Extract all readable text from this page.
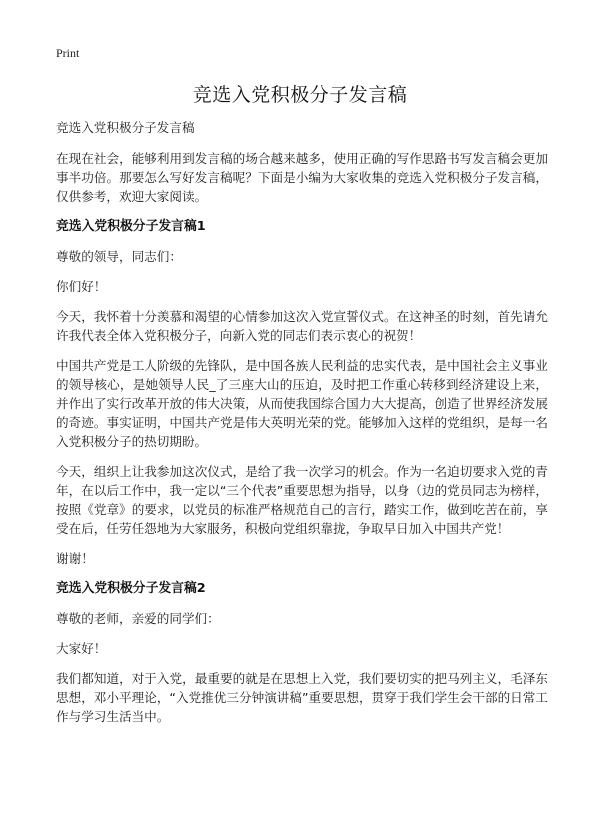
Print
竞选入党积极分子发言稿

竞选入党积极分子发言稿

在现在社会，能够利用到发言稿的场合越来越多，使用正确的写作思路书写发言稿会更加事半功倍。那要怎么写好发言稿呢？下面是小编为大家收集的竞选入党积极分子发言稿，仅供参考，欢迎大家阅读。

竞选入党积极分子发言稿1

尊敬的领导，同志们：

你们好！

今天，我怀着十分羡慕和渴望的心情参加这次入党宣誓仪式。在这神圣的时刻，首先请允许我代表全体入党积极分子，向新入党的同志们表示衷心的祝贺！

中国共产党是工人阶级的先锋队，是中国各族人民利益的忠实代表，是中国社会主义事业的领导核心，是她领导人民_了三座大山的压迫，及时把工作重心转移到经济建设上来，并作出了实行改革开放的伟大决策，从而使我国综合国力大大提高，创造了世界经济发展的奇迹。事实证明，中国共产党是伟大英明光荣的党。能够加入这样的党组织，是每一名入党积极分子的热切期盼。

今天，组织上让我参加这次仪式，是给了我一次学习的机会。作为一名迫切要求入党的青年，在以后工作中，我一定以“三个代表”重要思想为指导，以身（边的党员同志为榜样，按照《党章》的要求，以党员的标准严格规范自己的言行，踏实工作，做到吃苦在前，享受在后，任劳任怨地为大家服务，积极向党组织靠拢，争取早日加入中国共产党！

谢谢！

竞选入党积极分子发言稿2

尊敬的老师，亲爱的同学们：

大家好！

我们都知道，对于入党，最重要的就是在思想上入党，我们要切实的把马列主义，毛泽东思想，邓小平理论，“入党推优三分钟演讲稿”重要思想，贯穿于我们学生会干部的日常工作与学习生活当中。
